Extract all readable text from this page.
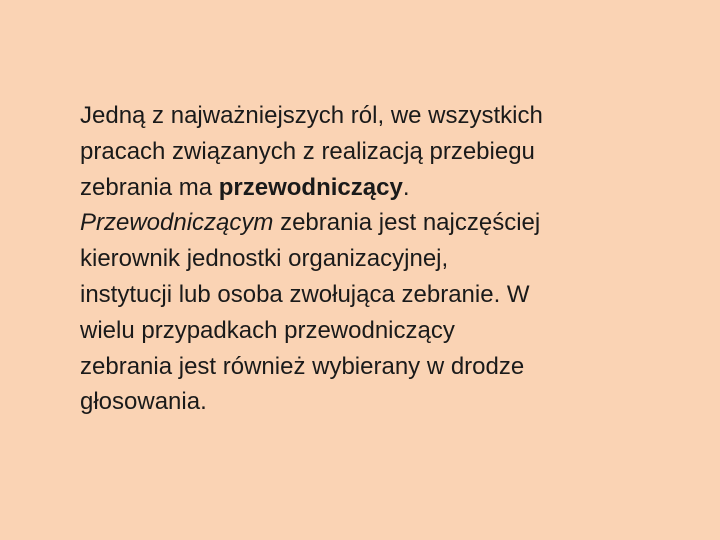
Jedną z najważniejszych ról, we wszystkich
pracach związanych z realizacją przebiegu
zebrania ma przewodniczący.
Przewodniczącym zebrania jest najczęściej
kierownik jednostki organizacyjnej,
instytucji lub osoba zwołująca zebranie. W
wielu przypadkach przewodniczący
zebrania jest również wybierany w drodze
głosowania.
